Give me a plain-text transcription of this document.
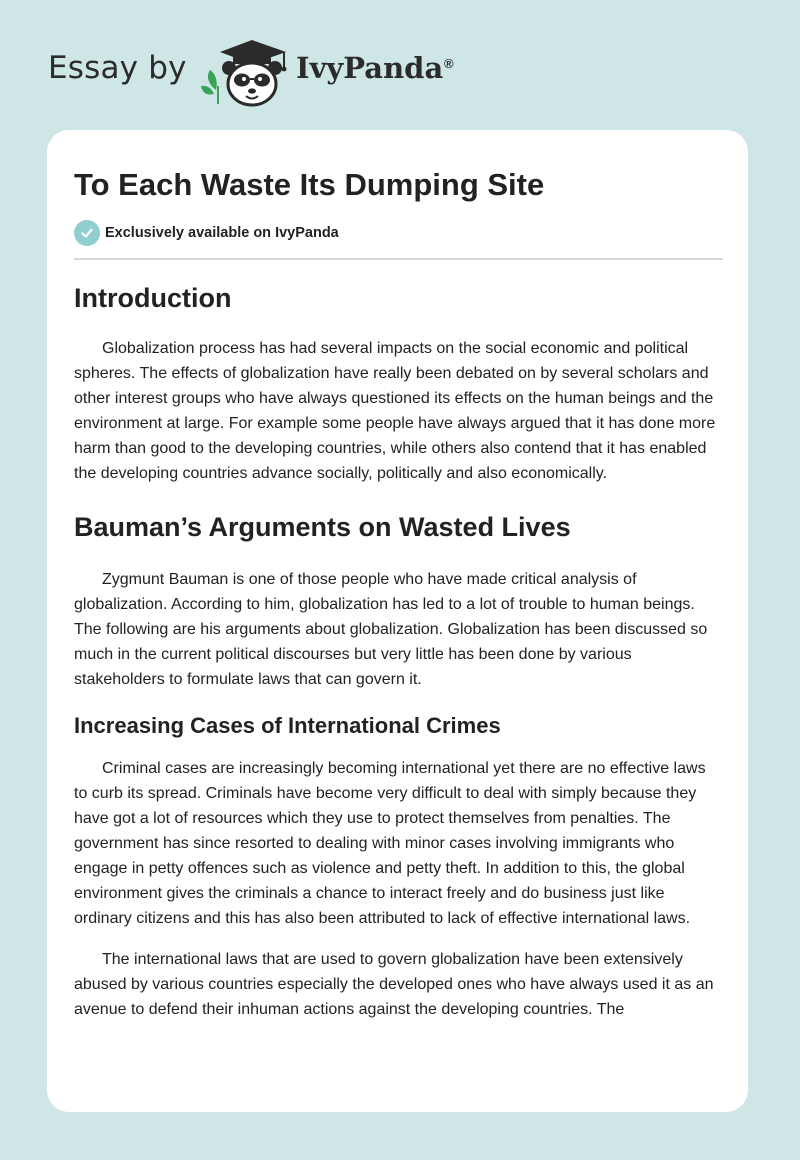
Essay by	IvyPanda ®
To Each Waste Its Dumping Site
Exclusively available on IvyPanda
Introduction

Globalization process has had several impacts on the social economic and political spheres. The effects of globalization have really been debated on by several scholars and other interest groups who have always questioned its effects on the human beings and the environment at large. For example some people have always argued that it has done more harm than good to the developing countries, while others also contend that it has enabled the developing countries advance socially, politically and also economically.

Bauman’s Arguments on Wasted Lives

Zygmunt Bauman is one of those people who have made critical analysis of globalization. According to him, globalization has led to a lot of trouble to human beings. The following are his arguments about globalization. Globalization has been discussed so much in the current political discourses but very little has been done by various stakeholders to formulate laws that can govern it.

Increasing Cases of International Crimes

Criminal cases are increasingly becoming international yet there are no effective laws to curb its spread. Criminals have become very difficult to deal with simply because they have got a lot of resources which they use to protect themselves from penalties. The government has since resorted to dealing with minor cases involving immigrants who engage in petty offences such as violence and petty theft. In addition to this, the global environment gives the criminals a chance to interact freely and do business just like ordinary citizens and this has also been attributed to lack of effective international laws.

The international laws that are used to govern globalization have been extensively abused by various countries especially the developed ones who have always used it as an avenue to defend their inhuman actions against the developing countries. The
